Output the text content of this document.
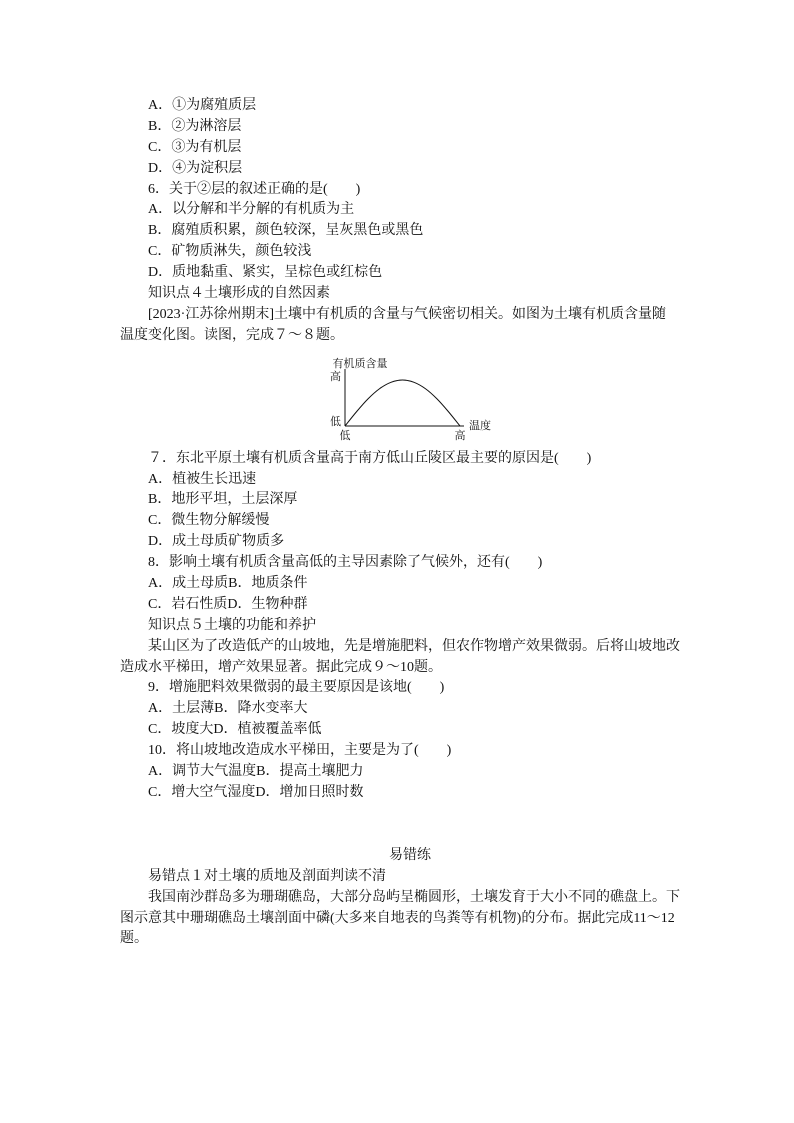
A．①为腐殖质层
B．②为淋溶层
C．③为有机层
D．④为淀积层
6．关于②层的叙述正确的是(　　)
A．以分解和半分解的有机质为主
B．腐殖质积累，颜色较深，呈灰黑色或黑色
C．矿物质淋失，颜色较浅
D．质地黏重、紧实，呈棕色或红棕色
知识点４土壤形成的自然因素
[2023·江苏徐州期末]土壤中有机质的含量与气候密切相关。如图为土壤有机质含量随
温度变化图。读图，完成７～８题。
有机质含量
高
低
低	高
温度
７．东北平原土壤有机质含量高于南方低山丘陵区最主要的原因是(　　)
A．植被生长迅速
B．地形平坦，土层深厚
C．微生物分解缓慢
D．成土母质矿物质多
8．影响土壤有机质含量高低的主导因素除了气候外，还有(　　)
A．成土母质B．地质条件
C．岩石性质D．生物种群
知识点５土壤的功能和养护
某山区为了改造低产的山坡地，先是增施肥料，但农作物增产效果微弱。后将山坡地改
造成水平梯田，增产效果显著。据此完成９～10题。
9．增施肥料效果微弱的最主要原因是该地(　　)
A．土层薄B．降水变率大
C．坡度大D．植被覆盖率低
10．将山坡地改造成水平梯田，主要是为了(　　)
A．调节大气温度B．提高土壤肥力
C．增大空气湿度D．增加日照时数
易错练
易错点１对土壤的质地及剖面判读不清
我国南沙群岛多为珊瑚礁岛，大部分岛屿呈椭圆形，土壤发育于大小不同的礁盘上。下
图示意其中珊瑚礁岛土壤剖面中磷(大多来自地表的鸟粪等有机物)的分布。据此完成11～12
题。
